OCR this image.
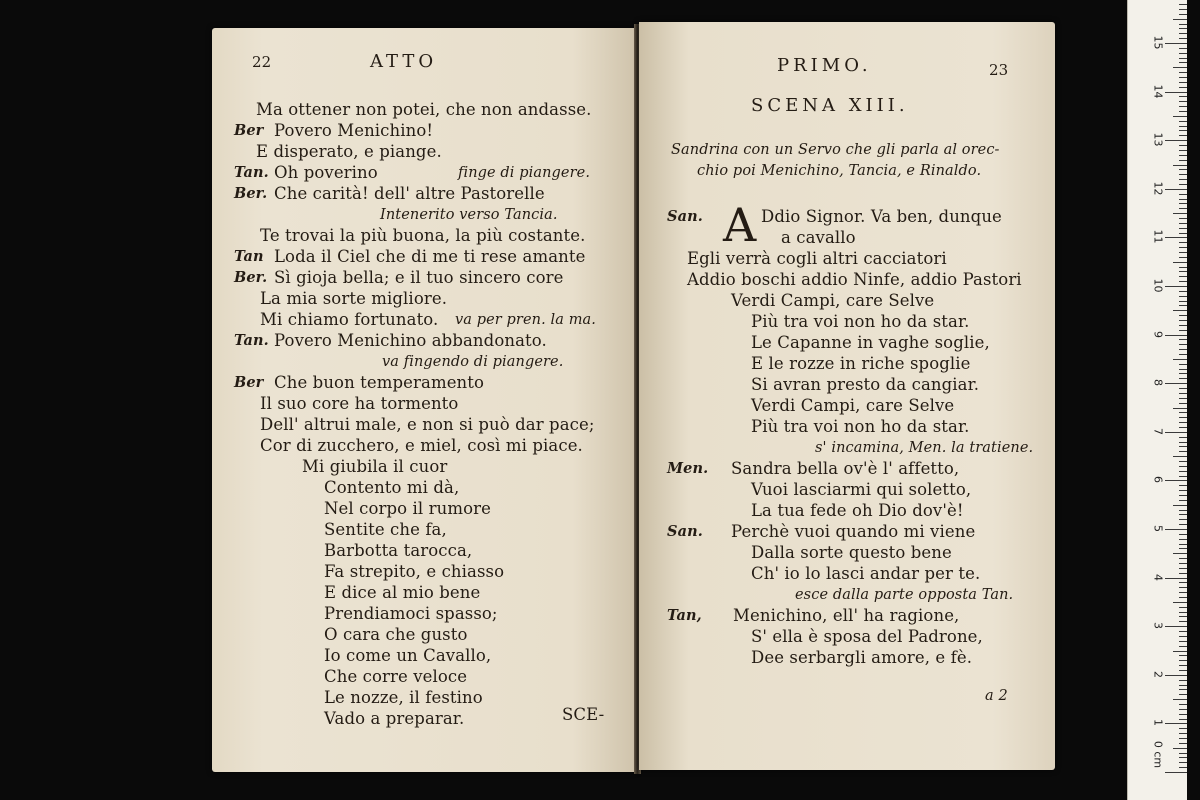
22	ATTO
Ma ottener non potei, che non andasse.
Ber Povero Menichino!
E disperato, e piange.
Tan. Oh poverino	finge di piangere.
Ber. Che carità! dell' altre Pastorelle
Intenerito verso Tancia.
Te trovai la più buona, la più costante.
Tan Loda il Ciel che di me ti rese amante
Ber. Sì gioja bella; e il tuo sincero core
La mia sorte migliore.
Mi chiamo fortunato. va per pren. la ma.
Tan. Povero Menichino abbandonato.
va fingendo di piangere.
Ber Che buon temperamento
Il suo core ha tormento
Dell' altrui male, e non si può dar pace;
Cor di zucchero, e miel, così mi piace.
Mi giubila il cuor
Contento mi dà,
Nel corpo il rumore
Sentite che fa,
Barbotta tarocca,
Fa strepito, e chiasso
E dice al mio bene
Prendiamoci spasso;
O cara che gusto
Io come un Cavallo,
Che corre veloce
Le nozze, il festino
Vado a preparar.	SCE-
PRIMO.	23
SCENA XIII.
Sandrina con un Servo che gli parla al orec-
chio poi Menichino, Tancia, e Rinaldo.
A
San.	Ddio Signor. Va ben, dunque
a cavallo
Egli verrà cogli altri cacciatori
Addio boschi addio Ninfe, addio Pastori
Verdi Campi, care Selve
Più tra voi non ho da star.
Le Capanne in vaghe soglie,
E le rozze in riche spoglie
Si avran presto da cangiar.
Verdi Campi, care Selve
Più tra voi non ho da star.
s' incamina, Men. la tratiene.
Men. Sandra bella ov'è l' affetto,
Vuoi lasciarmi qui soletto,
La tua fede oh Dio dov'è!
San. Perchè vuoi quando mi viene
Dalla sorte questo bene
Ch' io lo lasci andar per te.
esce dalla parte opposta Tan.
Tan, Menichino, ell' ha ragione,
S' ella è sposa del Padrone,
Dee serbargli amore, e fè.
a 2
1
2
3
4
5
6
7
8
9
10
11
12
13
14
15
0 cm
